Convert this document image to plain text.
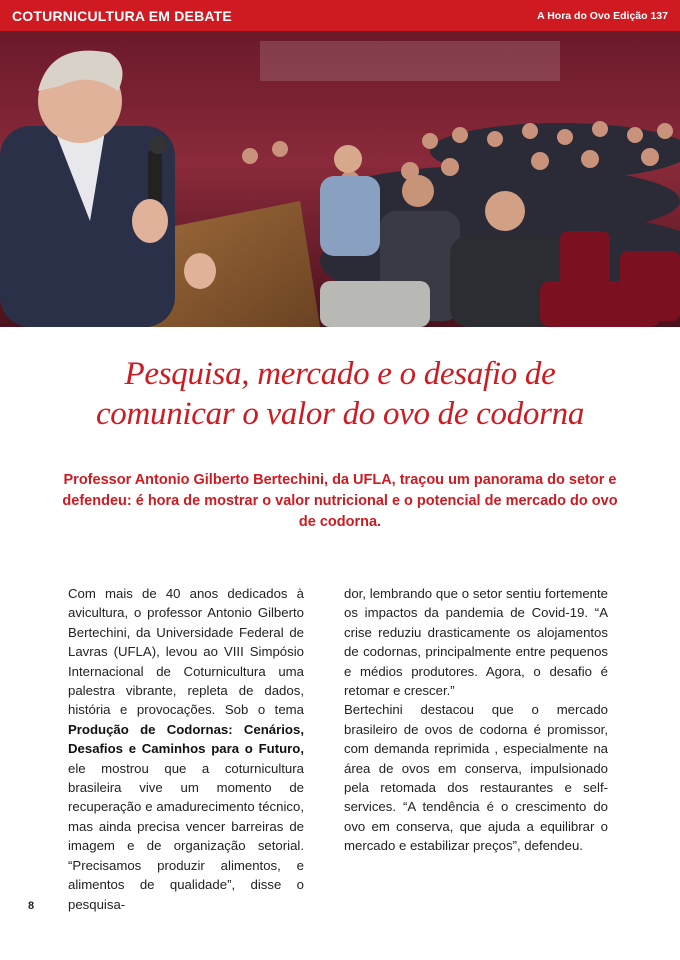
COTURNICULTURA EM DEBATE	A Hora do Ovo Edição 137
Pesquisa, mercado e o desafio de
comunicar o valor do ovo de codorna
Professor Antonio Gilberto Bertechini, da UFLA, traçou um panorama do setor e defendeu: é hora de mostrar o valor nutricional e o potencial de mercado do ovo de codorna.

Com mais de 40 anos dedicados à avicultura, o professor Antonio Gilberto Bertechini, da Universidade Federal de Lavras (UFLA), levou ao VIII Simpósio Internacional de Coturnicultura uma palestra vibrante, repleta de dados, história e provocações. Sob o tema Produção de Codornas: Cenários, Desafios e Caminhos para o Futuro, ele mostrou que a coturnicultura brasileira vive um momento de recuperação e amadurecimento técnico, mas ainda precisa vencer barreiras de imagem e de organização setorial. “Precisamos produzir alimentos, e alimentos de qualidade”, disse o pesquisa-

dor, lembrando que o setor sentiu fortemente os impactos da pandemia de Covid-19. “A crise reduziu drasticamente os alojamentos de codornas, principalmente entre pequenos e médios produtores. Agora, o desafio é retomar e crescer.”

Bertechini destacou que o mercado brasileiro de ovos de codorna é promissor, com demanda reprimida , especialmente na área de ovos em conserva, impulsionado pela retomada dos restaurantes e self-services. “A tendência é o crescimento do ovo em conserva, que ajuda a equilibrar o mercado e estabilizar preços”, defendeu.

8
